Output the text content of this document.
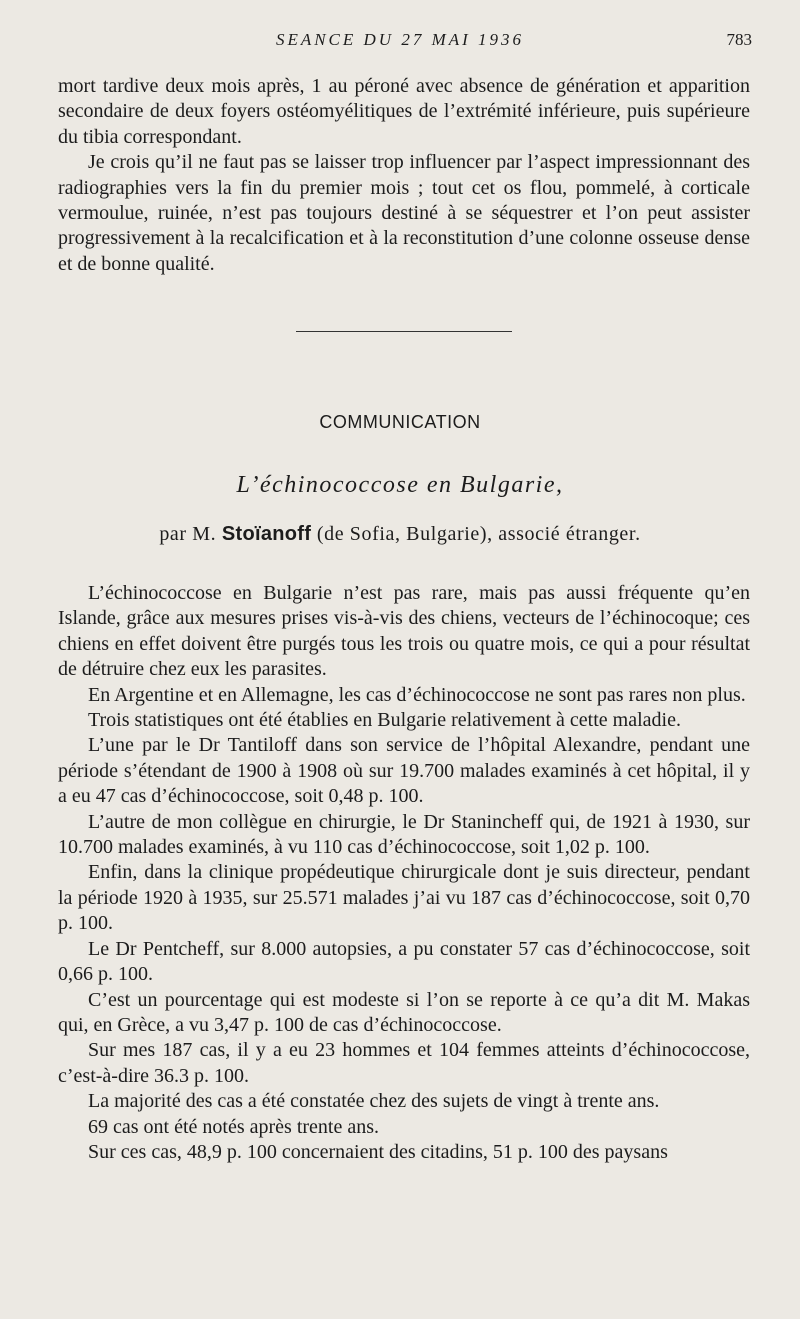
SEANCE DU 27 MAI 1936	783

mort tardive deux mois après, 1 au péroné avec absence de génération et apparition secondaire de deux foyers ostéomyélitiques de l’extrémité inférieure, puis supérieure du tibia correspondant.

Je crois qu’il ne faut pas se laisser trop influencer par l’aspect impressionnant des radiographies vers la fin du premier mois ; tout cet os flou, pommelé, à corticale vermoulue, ruinée, n’est pas toujours destiné à se séquestrer et l’on peut assister progressivement à la recalcification et à la reconstitution d’une colonne osseuse dense et de bonne qualité.

COMMUNICATION
L’échinococcose en Bulgarie,
par M. Stoïanoff (de Sofia, Bulgarie), associé étranger.

L’échinococcose en Bulgarie n’est pas rare, mais pas aussi fréquente qu’en Islande, grâce aux mesures prises vis-à-vis des chiens, vecteurs de l’échinocoque; ces chiens en effet doivent être purgés tous les trois ou quatre mois, ce qui a pour résultat de détruire chez eux les parasites.

En Argentine et en Allemagne, les cas d’échinococcose ne sont pas rares non plus.

Trois statistiques ont été établies en Bulgarie relativement à cette maladie.

L’une par le Dr Tantiloff dans son service de l’hôpital Alexandre, pendant une période s’étendant de 1900 à 1908 où sur 19.700 malades examinés à cet hôpital, il y a eu 47 cas d’échinococcose, soit 0,48 p. 100.

L’autre de mon collègue en chirurgie, le Dr Stanincheff qui, de 1921 à 1930, sur 10.700 malades examinés, à vu 110 cas d’échinococcose, soit 1,02 p. 100.

Enfin, dans la clinique propédeutique chirurgicale dont je suis directeur, pendant la période 1920 à 1935, sur 25.571 malades j’ai vu 187 cas d’échinococcose, soit 0,70 p. 100.

Le Dr Pentcheff, sur 8.000 autopsies, a pu constater 57 cas d’échinococcose, soit 0,66 p. 100.

C’est un pourcentage qui est modeste si l’on se reporte à ce qu’a dit M. Makas qui, en Grèce, a vu 3,47 p. 100 de cas d’échinococcose.

Sur mes 187 cas, il y a eu 23 hommes et 104 femmes atteints d’échinococcose, c’est-à-dire 36.3 p. 100.

La majorité des cas a été constatée chez des sujets de vingt à trente ans.

69 cas ont été notés après trente ans.

Sur ces cas, 48,9 p. 100 concernaient des citadins, 51 p. 100 des paysans
